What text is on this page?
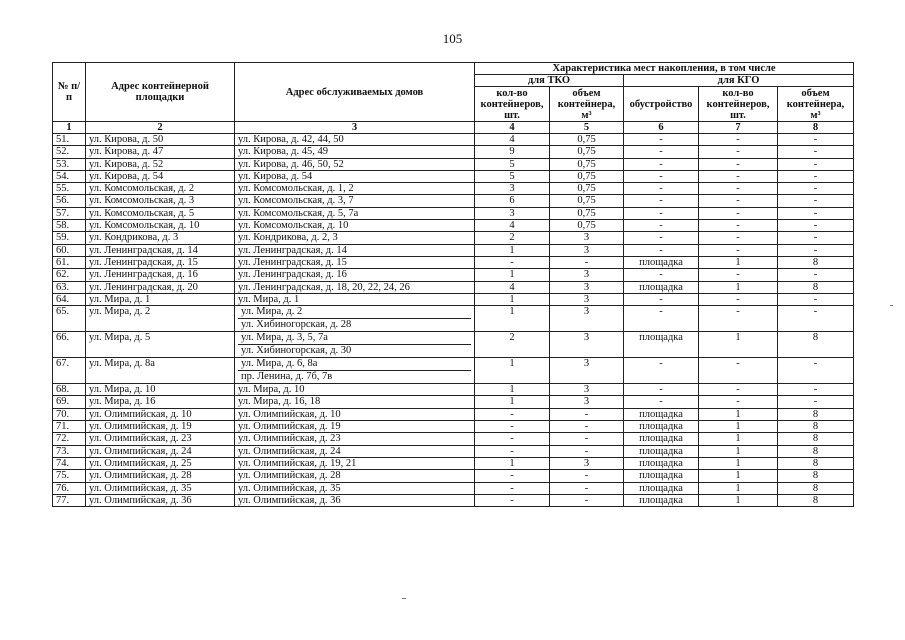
105
№ п/п	Адрес контейнерной площадки	Адрес обслуживаемых домов	Характеристика мест накопления, в том числе				
			для ТКО		для КГО		
			кол-во контейнеров, шт.	объем контейнера, м³	обустройство	кол-во контейнеров, шт.	объем контейнера, м³
1	2	3	4	5	6	7	8
51.	ул. Кирова, д. 50	ул. Кирова, д. 42, 44, 50	4	0,75	-	-	-
52.	ул. Кирова, д. 47	ул. Кирова, д. 45, 49	9	0,75	-	-	-
53.	ул. Кирова, д. 52	ул. Кирова, д. 46, 50, 52	5	0,75	-	-	-
54.	ул. Кирова, д. 54	ул. Кирова, д. 54	5	0,75	-	-	-
55.	ул. Комсомольская, д. 2	ул. Комсомольская, д. 1, 2	3	0,75	-	-	-
56.	ул. Комсомольская, д. 3	ул. Комсомольская, д. 3, 7	6	0,75	-	-	-
57.	ул. Комсомольская, д. 5	ул. Комсомольская, д. 5, 7а	3	0,75	-	-	-
58.	ул. Комсомольская, д. 10	ул. Комсомольская, д. 10	4	0,75	-	-	-
59.	ул. Кондрикова, д. 3	ул. Кондрикова, д. 2, 3	2	3	-	-	-
60.	ул. Ленинградская, д. 14	ул. Ленинградская, д. 14	1	3	-	-	-
61.	ул. Ленинградская, д. 15	ул. Ленинградская, д. 15	-	-	площадка	1	8
62.	ул. Ленинградская, д. 16	ул. Ленинградская, д. 16	1	3	-	-	-
63.	ул. Ленинградская, д. 20	ул. Ленинградская, д. 18, 20, 22, 24, 26	4	3	площадка	1	8
64.	ул. Мира, д. 1	ул. Мира, д. 1	1	3	-	-	-
65.	ул. Мира, д. 2	ул. Мира, д. 2
ул. Хибиногорская, д. 28	1	3	-	-	-
66.	ул. Мира, д. 5	ул. Мира, д. 3, 5, 7а
ул. Хибиногорская, д. 30	2	3	площадка	1	8
67.	ул. Мира, д. 8а	ул. Мира, д. 6, 8а
пр. Ленина, д. 7б, 7в	1	3	-	-	-
68.	ул. Мира, д. 10	ул. Мира, д. 10	1	3	-	-	-
69.	ул. Мира, д. 16	ул. Мира, д. 16, 18	1	3	-	-	-
70.	ул. Олимпийская, д. 10	ул. Олимпийская, д. 10	-	-	площадка	1	8
71.	ул. Олимпийская, д. 19	ул. Олимпийская, д. 19	-	-	площадка	1	8
72.	ул. Олимпийская, д. 23	ул. Олимпийская, д. 23	-	-	площадка	1	8
73.	ул. Олимпийская, д. 24	ул. Олимпийская, д. 24	-	-	площадка	1	8
74.	ул. Олимпийская, д. 25	ул. Олимпийская, д. 19, 21	1	3	площадка	1	8
75.	ул. Олимпийская, д. 28	ул. Олимпийская, д. 28	-	-	площадка	1	8
76.	ул. Олимпийская, д. 35	ул. Олимпийская, д. 35	-	-	площадка	1	8
77.	ул. Олимпийская, д. 36	ул. Олимпийская, д. 36	-	-	площадка	1	8
